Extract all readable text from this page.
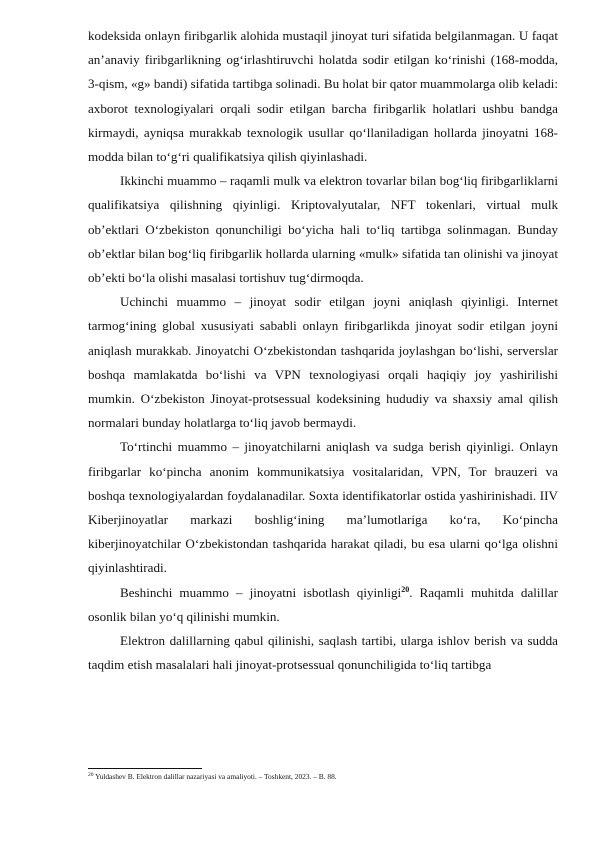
kodeksida onlayn firibgarlik alohida mustaqil jinoyat turi sifatida belgilanmagan. U faqat an’anaviy firibgarlikning og‘irlashtiruvchi holatda sodir etilgan ko‘rinishi (168-modda, 3-qism, «g» bandi) sifatida tartibga solinadi. Bu holat bir qator muammolarga olib keladi: axborot texnologiyalari orqali sodir etilgan barcha firibgarlik holatlari ushbu bandga kirmaydi, ayniqsa murakkab texnologik usullar qo‘llaniladigan hollarda jinoyatni 168-modda bilan to‘g‘ri qualifikatsiya qilish qiyinlashadi.

Ikkinchi muammo – raqamli mulk va elektron tovarlar bilan bog‘liq firibgarliklarni qualifikatsiya qilishning qiyinligi. Kriptovalyutalar, NFT tokenlari, virtual mulk ob’ektlari O‘zbekiston qonunchiligi bo‘yicha hali to‘liq tartibga solinmagan. Bunday ob’ektlar bilan bog‘liq firibgarlik hollarda ularning «mulk» sifatida tan olinishi va jinoyat ob’ekti bo‘la olishi masalasi tortishuv tug‘dirmoqda.

Uchinchi muammo – jinoyat sodir etilgan joyni aniqlash qiyinligi. Internet tarmog‘ining global xususiyati sababli onlayn firibgarlikda jinoyat sodir etilgan joyni aniqlash murakkab. Jinoyatchi O‘zbekistondan tashqarida joylashgan bo‘lishi, serverslar boshqa mamlakatda bo‘lishi va VPN texnologiyasi orqali haqiqiy joy yashirilishi mumkin. O‘zbekiston Jinoyat-protsessual kodeksining hududiy va shaxsiy amal qilish normalari bunday holatlarga to‘liq javob bermaydi.

To‘rtinchi muammo – jinoyatchilarni aniqlash va sudga berish qiyinligi. Onlayn firibgarlar ko‘pincha anonim kommunikatsiya vositalaridan, VPN, Tor brauzeri va boshqa texnologiyalardan foydalanadilar. Soxta identifikatorlar ostida yashirinishadi. IIV Kiberjinoyatlar markazi boshlig‘ining ma’lumotlariga ko‘ra, Ko‘pincha kiberjinoyatchilar O‘zbekistondan tashqarida harakat qiladi, bu esa ularni qo‘lga olishni qiyinlashtiradi.

Beshinchi muammo – jinoyatni isbotlash qiyinligi$^{20}$. Raqamli muhitda dalillar osonlik bilan yo‘q qilinishi mumkin.

Elektron dalillarning qabul qilinishi, saqlash tartibi, ularga ishlov berish va sudda taqdim etish masalalari hali jinoyat-protsessual qonunchiligida to‘liq tartibga

$^{20}$ Yuldashev B. Elektron dalillar nazariyasi va amaliyoti. – Toshkent, 2023. – B. 88.
